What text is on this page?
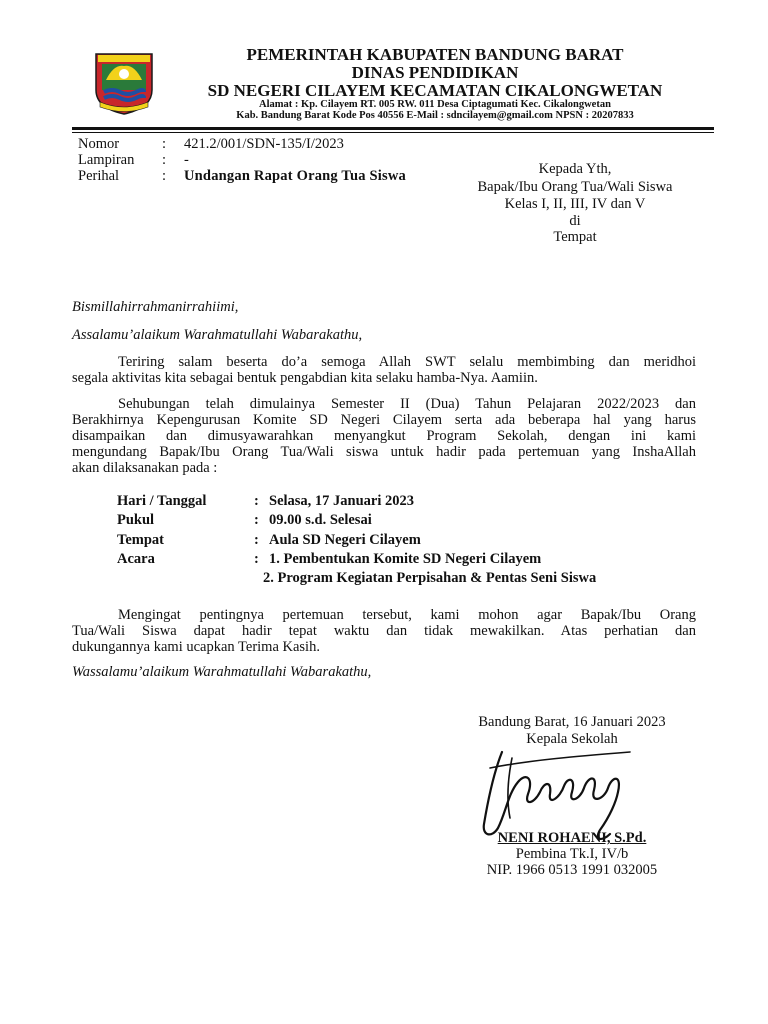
PEMERINTAH KABUPATEN BANDUNG BARAT

DINAS PENDIDIKAN

SD NEGERI CILAYEM KECAMATAN CIKALONGWETAN

Alamat : Kp. Cilayem RT. 005 RW. 011 Desa Ciptagumati Kec. Cikalongwetan

Kab. Bandung Barat Kode Pos 40556 E-Mail : sdncilayem@gmail.com NPSN : 20207833

Nomor	: 421.2/001/SDN-135/I/2023
Lampiran : -
Perihal	: Undangan Rapat Orang Tua Siswa	Kepada Yth,
Bapak/Ibu Orang Tua/Wali Siswa
Kelas I, II, III, IV dan V
di
Tempat
Bismillahirrahmanirrahiimi,
Assalamu’alaikum Warahmatullahi Wabarakathu,
Teriring salam beserta do’a semoga Allah SWT selalu membimbing dan meridhoi
segala aktivitas kita sebagai bentuk pengabdian kita selaku hamba-Nya. Aamiin.
Sehubungan telah dimulainya Semester II (Dua) Tahun Pelajaran 2022/2023 dan
Berakhirnya Kepengurusan Komite SD Negeri Cilayem serta ada beberapa hal yang harus
disampaikan dan dimusyawarahkan menyangkut Program Sekolah, dengan ini kami
mengundang Bapak/Ibu Orang Tua/Wali siswa untuk hadir pada pertemuan yang InshaAllah
akan dilaksanakan pada :
Hari / Tanggal	: Selasa, 17 Januari 2023
Pukul	: 09.00 s.d. Selesai
Tempat	: Aula SD Negeri Cilayem
Acara	: 1. Pembentukan Komite SD Negeri Cilayem
2. Program Kegiatan Perpisahan & Pentas Seni Siswa
Mengingat pentingnya pertemuan tersebut, kami mohon agar Bapak/Ibu Orang
Tua/Wali Siswa dapat hadir tepat waktu dan tidak mewakilkan. Atas perhatian dan
dukungannya kami ucapkan Terima Kasih.
Wassalamu’alaikum Warahmatullahi Wabarakathu,
Bandung Barat, 16 Januari 2023
Kepala Sekolah
NENI ROHAENI, S.Pd.
Pembina Tk.I, IV/b
NIP. 1966 0513 1991 032005
